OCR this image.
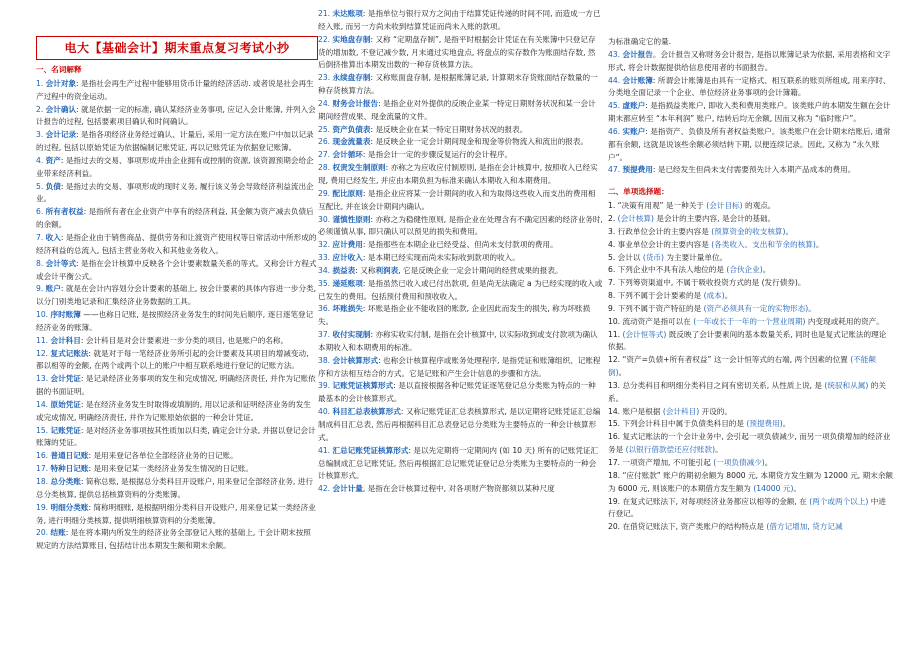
电大【基础会计】期末重点复习考试小抄
一、名词解释
1. 会计对象: 是指社会再生产过程中能够用货币计量的经济活动. 或者说是社会再生产过程中的资金运动。
2. 会计确认: 就是依据一定的标准, 确认某经济业务事项, 应记入会计账簿, 并列入会计报告的过程, 包括要素项目确认和时间确认。
3. 会计记录: 是指各项经济业务经过确认、计量后, 采用一定方法在账户中加以记录的过程, 包括以原始凭证为依据编制记账凭证, 再以记账凭证为依据登记账簿。
4. 资产: 是指过去的交易、事项形成并由企业拥有或控制的资源, 该资源预期会给企业带来经济利益。
5. 负债: 是指过去的交易、事项形成的现时义务, 履行该义务会导致经济利益流出企业。
6. 所有者权益: 是指所有者在企业资产中享有的经济利益, 其金额为资产减去负债后的余额。
7. 收入: 是指企业由于销售商品、提供劳务和让渡资产使用权等日常活动中所形成的经济利益的总流入, 包括主营业务收入和其他业务收入。
8. 会计等式: 是指在会计核算中反映各个会计要素数量关系的等式。又称会计方程式或会计平衡公式。
9. 账户: 就是在会计内容划分会计要素的基础上, 按会计要素的具体内容进一步分类, 以分门别类地记录和汇集经济业务数据的工具。
10. 序时账簿 ——也称日记账, 是按照经济业务发生的时间先后顺序, 逐日逐笔登记经济业务的账簿。
11. 会计科目: 会计科目是对会计要素进一步分类的项目, 也是账户的名称。
12. 复式记账法: 就是对于每一笔经济业务所引起的会计要素及其项目的增减变动, 都以相等的金额, 在两个或两个以上的账户中相互联系地进行登记的记账方法。
13. 会计凭证: 是记录经济业务事项的发生和完成情况, 明确经济责任, 并作为记账依据的书面证明。
14. 原始凭证: 是在经济业务发生时取得或填制的, 用以记录和证明经济业务的发生或完成情况, 明确经济责任, 并作为记账原始依据的一种会计凭证。
15. 记账凭证: 是对经济业务事项按其性质加以归类, 确定会计分录, 并据以登记会计账簿的凭证。
16. 普通日记账: 是用来登记各单位全部经济业务的日记账。
17. 特种日记账: 是用来登记某一类经济业务发生情况的日记账。
18. 总分类账: 简称总账, 是根据总分类科目开设账户, 用来登记全部经济业务, 进行总分类核算, 提供总括核算资料的分类账簿。
19. 明细分类账: 简称明细账, 是根据明细分类科目开设账户, 用来登记某一类经济业务, 进行明细分类核算, 提供明细核算资料的分类账簿。
20. 结账: 是在将本期内所发生的经济业务全部登记入账的基础上, 于会计期末按照规定的方法结算账目, 包括结计出本期发生额和期末余额。
21. 未达账项: 是指单位与银行双方之间由于结算凭证传递的时间不同, 而造成一方已经入账, 而另一方尚未收到结算凭证而尚未入账的款项。
22. 实地盘存制: 又称 “定期盘存制”, 是指平时根据会计凭证在有关账簿中只登记存货的增加数, 不登记减少数, 月末通过实地盘点, 将盘点的实存数作为账面结存数, 然后倒挤推算出本期发出数的一种存货核算方法。
23. 永续盘存制: 又称账面盘存制, 是根据账簿记录, 计算期末存货账面结存数量的一种存货核算方法。
24. 财务会计报告: 是指企业对外提供的反映企业某一特定日期财务状况和某一会计期间经营成果、现金流量的文件。
25. 资产负债表: 是反映企业在某一特定日期财务状况的报表。
26. 现金流量表: 是反映企业一定会计期间现金和现金等价物流入和流出的报表。
27. 会计循环: 是指会计一定的步骤反复运行的会计程序。
28. 权责发生制原则: 亦称之为应收应付制原则, 是指在会计核算中, 按照收入已经实现, 费用已经发生, 并应由本期负担为标准来确认本期收入和本期费用。
29. 配比原则: 是指企业应将某一会计期间的收入和为取得这些收入而支出的费用相互配比, 并在该会计期间内确认。
30. 谨慎性原则: 亦称之为稳健性原则, 是指企业在处理含有不确定因素的经济业务时, 必须谨慎从事, 即只确认可以预见的损失和费用。
32. 应计费用: 是指那些在本期企业已经受益、但尚未支付款项的费用。
33. 应计收入: 是本期已经实现而尚未实际收到款项的收入。
34. 损益表: 又称利润表, 它是反映企业一定会计期间的经营成果的报表。
35. 递延账项: 是指虽然已收入或已付出款项, 但是尚无法确定 a 为已经实现的收入或已发生的费用。包括预付费用和预收收入。
36. 坏账损失: 坏账是指企业不能收回的账款, 企业因此而发生的损失, 称为坏账损失。
37. 收付实现制: 亦称实收实付制, 是指在会计核算中, 以实际收到或支付款项为确认本期收入和本期费用的标准。
38. 会计核算形式: 也称会计核算程序或账务处理程序, 是指凭证和账簿组织、记账程序和方法相互结合的方式。它是记账和产生会计信息的步骤和方法。
39. 记账凭证核算形式: 是以直接根据各种记账凭证逐笔登记总分类账为特点的一种最基本的会计核算形式。
40. 科目汇总表核算形式: 又称记账凭证汇总表核算形式, 是以定期将记账凭证汇总编制成科目汇总表, 然后再根据科目汇总表登记总分类账为主要特点的一种会计核算形式。
41. 汇总记账凭证核算形式: 是以先定期将一定期间内 (如 10 天) 所有的记账凭证汇总编制成汇总记账凭证, 然后再根据汇总记账凭证登记总分类账为主要特点的一种会计核算形式。
42. 会计计量, 是指在会计核算过程中, 对各项财产物资都须以某种尺度
为标准确定它的量.
43. 会计报告。会计报告又称财务会计报告, 是指以账簿记录为依据, 采用表格和文字形式, 将会计数据提供给信息使用者的书面报告。
44. 会计账簿: 所谓会计账簿是由具有一定格式、相互联系的账页所组成, 用来序时、分类地全面记录一个企业、单位经济业务事项的会计簿籍。
45. 虚账户: 是指损益类账户, 即收入类和费用类账户。该类账户的本期发生额在会计期末都应转至 “本年利润” 账户, 结转后均无余额, 因而又称为 “临时账户”。
46. 实账户: 是指资产、负债及所有者权益类账户。该类账户在会计期末结账后, 通常都有余额, 这就是说该些余额必须结转下期, 以便连续记录。因此, 又称为 “永久账户”。
47. 预提费用: 是已经发生但尚未支付需要预先计入本期产品成本的费用。
二、单项选择题：
1. “决策有用观” 是一种关于 (会计目标) 的观点。
2. (会计核算) 是会计的主要内容, 是会计的基础。
3. 行政单位会计的主要内容是 (预算资金的收支核算)。
4. 事业单位会计的主要内容是 (各类收入、支出和节余的核算)。
5. 会计以 (货币) 为主要计量单位。
6. 下列企业中不具有法人地位的是 (合伙企业)。
7. 下列筹资渠道中, 不属于吸收投资方式的是 (发行债券)。
8. 下列不属于会计要素的是 (成本)。
9. 下列不属于资产特征的是 (资产必须具有一定的实物形态)。
10. 流动资产是指可以在 (一年或长于一年的一个营业周期) 内变现或耗用的资产。
11. (会计恒等式) 既反映了会计要素间的基本数量关系, 同时也是复式记账法的理论依据。
12. “资产=负债+所有者权益” 这一会计恒等式的右端, 两个因素的位置 (不能颠倒)。
13. 总分类科目和明细分类科目之间有密切关系, 从性质上说, 是 (统驭和从属) 的关系。
14. 账户是根据 (会计科目) 开设的。
15. 下列会计科目中属于负债类科目的是 (预提费用)。
16. 复式记账法的一个会计业务中, 会引起一项负债减少, 而另一项负债增加的经济业务是 (以银行借款偿还应付账款)。
17. 一项资产增加, 不可能引起 (一项负债减少)。
18. “应付账款” 账户的期初余额为 8000 元, 本期贷方发生额为 12000 元, 期末余额为 6000 元, 则该账户的本期借方发生额为 (14000 元)。
19. 在复式记账法下, 对每项经济业务都应以相等的金额, 在 (两个或两个以上) 中进行登记。
20. 在借贷记账法下, 资产类账户的结构特点是 (借方记增加, 贷方记减
